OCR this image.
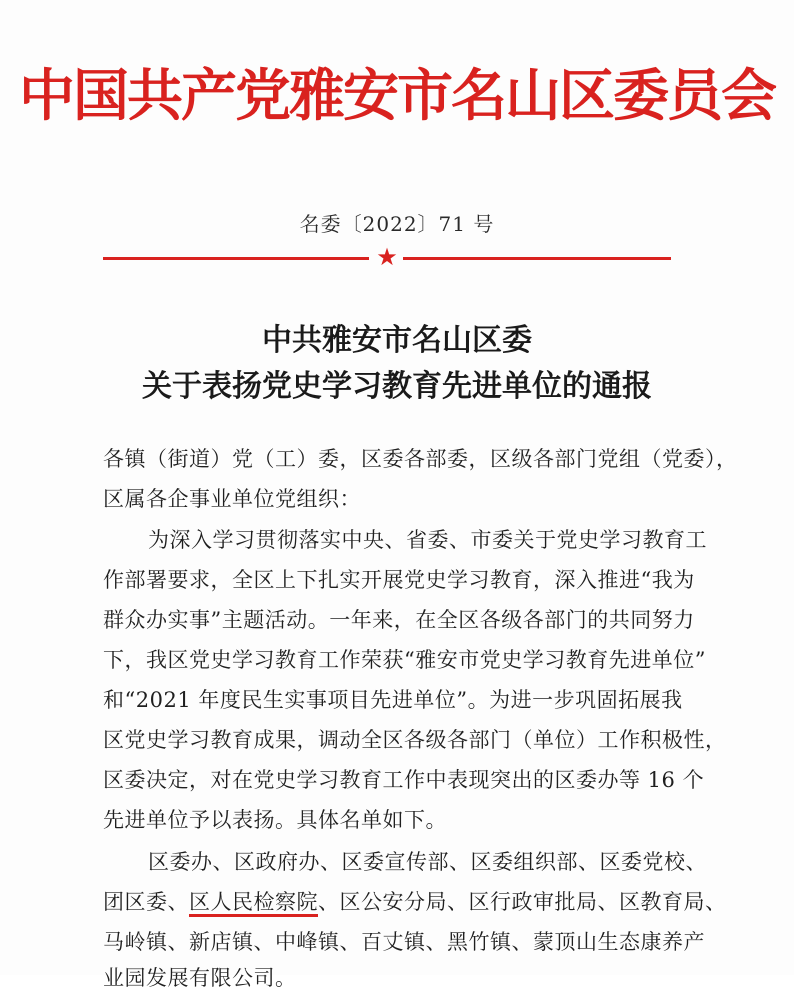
中国共产党雅安市名山区委员会
名委〔2022〕71 号
★
中共雅安市名山区委
关于表扬党史学习教育先进单位的通报
各镇（街道）党（工）委，区委各部委，区级各部门党组（党委），
区属各企事业单位党组织：
为深入学习贯彻落实中央、省委、市委关于党史学习教育工
作部署要求，全区上下扎实开展党史学习教育，深入推进“我为
群众办实事”主题活动。一年来，在全区各级各部门的共同努力
下，我区党史学习教育工作荣获“雅安市党史学习教育先进单位”
和“2021 年度民生实事项目先进单位”。为进一步巩固拓展我
区党史学习教育成果，调动全区各级各部门（单位）工作积极性，
区委决定，对在党史学习教育工作中表现突出的区委办等 16 个
先进单位予以表扬。具体名单如下。
区委办、区政府办、区委宣传部、区委组织部、区委党校、
团区委、区人民检察院、区公安分局、区行政审批局、区教育局、
马岭镇、新店镇、中峰镇、百丈镇、黑竹镇、蒙顶山生态康养产
业园发展有限公司。
